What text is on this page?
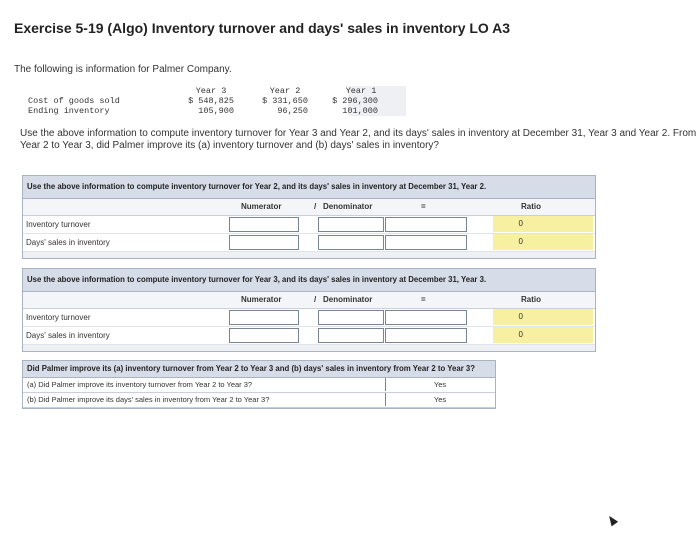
Exercise 5-19 (Algo) Inventory turnover and days' sales in inventory LO A3
The following is information for Palmer Company.
Year 3	Year 2	Year 1
Cost of goods sold	$ 548,825	$ 331,650	$ 296,300
Ending inventory	105,900	96,250	101,000
Use the above information to compute inventory turnover for Year 3 and Year 2, and its days' sales in inventory at December 31, Year 3 and Year 2. From Year 2 to Year 3, did Palmer improve its (a) inventory turnover and (b) days' sales in inventory?
Use the above information to compute inventory turnover for Year 2, and its days' sales in inventory at December 31, Year 2.
Numerator	/ Denominator	=	Ratio
Inventory turnover	0
Days' sales in inventory	0
Use the above information to compute inventory turnover for Year 3, and its days' sales in inventory at December 31, Year 3.
Numerator	/ Denominator	=	Ratio
Inventory turnover	0
Days' sales in inventory	0
Did Palmer improve its (a) inventory turnover from Year 2 to Year 3 and (b) days' sales in inventory from Year 2 to Year 3?
(a) Did Palmer improve its inventory turnover from Year 2 to Year 3?	Yes
(b) Did Palmer improve its days' sales in inventory from Year 2 to Year 3?	Yes
